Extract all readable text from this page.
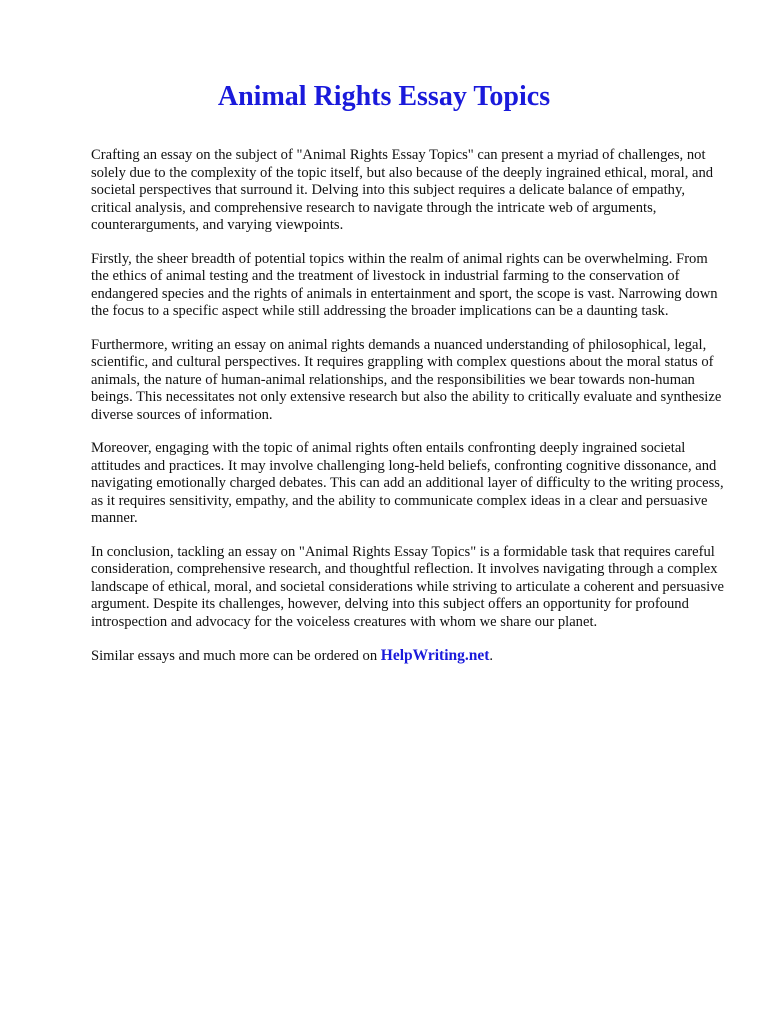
Animal Rights Essay Topics

Crafting an essay on the subject of "Animal Rights Essay Topics" can present a myriad of challenges, not solely due to the complexity of the topic itself, but also because of the deeply ingrained ethical, moral, and societal perspectives that surround it. Delving into this subject requires a delicate balance of empathy, critical analysis, and comprehensive research to navigate through the intricate web of arguments, counterarguments, and varying viewpoints.

Firstly, the sheer breadth of potential topics within the realm of animal rights can be overwhelming. From the ethics of animal testing and the treatment of livestock in industrial farming to the conservation of endangered species and the rights of animals in entertainment and sport, the scope is vast. Narrowing down the focus to a specific aspect while still addressing the broader implications can be a daunting task.

Furthermore, writing an essay on animal rights demands a nuanced understanding of philosophical, legal, scientific, and cultural perspectives. It requires grappling with complex questions about the moral status of animals, the nature of human-animal relationships, and the responsibilities we bear towards non-human beings. This necessitates not only extensive research but also the ability to critically evaluate and synthesize diverse sources of information.

Moreover, engaging with the topic of animal rights often entails confronting deeply ingrained societal attitudes and practices. It may involve challenging long-held beliefs, confronting cognitive dissonance, and navigating emotionally charged debates. This can add an additional layer of difficulty to the writing process, as it requires sensitivity, empathy, and the ability to communicate complex ideas in a clear and persuasive manner.

In conclusion, tackling an essay on "Animal Rights Essay Topics" is a formidable task that requires careful consideration, comprehensive research, and thoughtful reflection. It involves navigating through a complex landscape of ethical, moral, and societal considerations while striving to articulate a coherent and persuasive argument. Despite its challenges, however, delving into this subject offers an opportunity for profound introspection and advocacy for the voiceless creatures with whom we share our planet.

Similar essays and much more can be ordered on HelpWriting.net.
